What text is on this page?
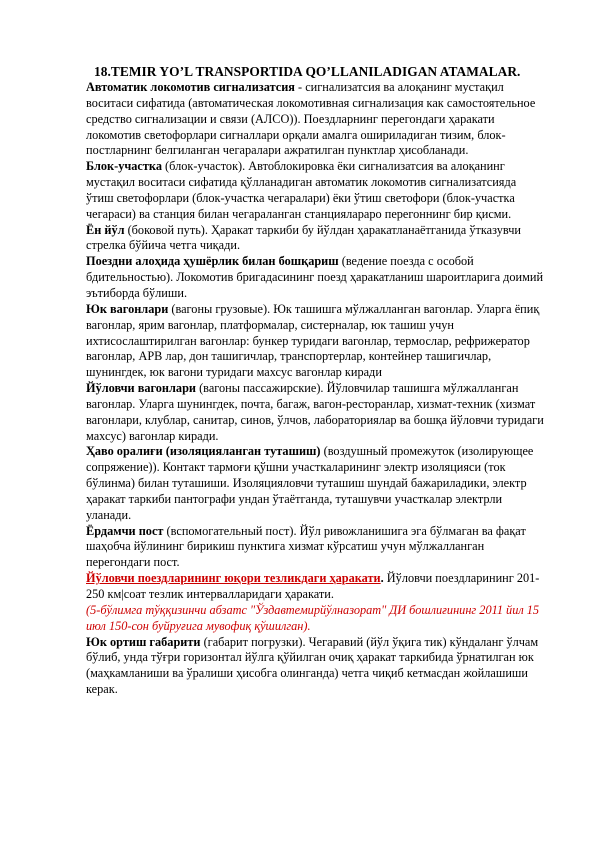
18.TEMIR YO’L TRANSPORTIDA QO’LLANILADIGAN ATAMALAR.

Автоматик локомотив сигнализатсия - сигнализатсия ва алоқанинг мустақил воситаси сифатида (автоматическая локомотивная сигнализация как самостоятельное средство сигнализации и связи (АЛСО)). Поездларнинг перегондаги ҳаракати локомотив светофорлари сигналлари орқали амалга ошириладиган тизим, блок-постларнинг белгиланган чегаралари ажратилган пунктлар ҳисобланади.

Блок-участка (блок-участок). Автоблокировка ёки сигнализатсия ва алоқанинг мустақил воситаси сифатида қўлланадиган автоматик локомотив сигнализатсияда ўтиш светофорлари (блок-участка чегаралари) ёки ўтиш светофори (блок-участка чегараси) ва станция билан чегараланган станциялараро перегоннинг бир қисми.

Ён йўл (боковой путь). Ҳаракат таркиби бу йўлдан ҳаракатланаётганида ўтказувчи стрелка бўйича четга чиқади.

Поездни алоҳида ҳушёрлик билан бошқариш (ведение поезда с особой бдительностью). Локомотив бригадасининг поезд ҳаракатланиш шароитларига доимий эътиборда бўлиши.

Юк вагонлари (вагоны грузовые). Юк ташишга мўлжалланган вагонлар. Уларга ёпиқ вагонлар, ярим вагонлар, платформалар, систерналар, юк ташиш учун ихтисослаштирилган вагонлар: бункер туридаги вагонлар, термослар, рефрижератор вагонлар, АРВ лар, дон ташигичлар, транспортерлар, контейнер ташигичлар, шунингдек, юк вагони туридаги махсус вагонлар киради

Йўловчи вагонлари (вагоны пассажирские). Йўловчилар ташишга мўлжалланган вагонлар. Уларга шунингдек, почта, багаж, вагон-ресторанлар, хизмат-техник (хизмат вагонлари, клублар, санитар, синов, ўлчов, лабораториялар ва бошқа йўловчи туридаги махсус) вагонлар киради.

Ҳаво оралиғи (изоляцияланган туташиш) (воздушный промежуток (изолирующее сопряжение)). Контакт тармоғи қўшни участкаларининг электр изоляцияси (ток бўлинма) билан туташиши. Изоляцияловчи туташиш шундай бажариладики, электр ҳаракат таркиби пантографи ундан ўтаётганда, туташувчи участкалар электрли уланади.

Ёрдамчи пост (вспомогательный пост). Йўл ривожланишига эга бўлмаган ва фақат шаҳобча йўлининг бирикиш пунктига хизмат кўрсатиш учун мўлжалланган перегондаги пост.

Йўловчи поездларининг юқори тезликдаги ҳаракати. Йўловчи поездларининг 201-250 км|соат тезлик интервалларидаги ҳаракати.

(5-бўлимга тўққизинчи абзатс "Ўздавтемирйўлназорат" ДИ бошлиғининг 2011 йил 15 июл 150-сон буйруғига мувофиқ қўшилган).

Юк ортиш габарити (габарит погрузки). Чегаравий (йўл ўқига тик) кўндаланг ўлчам бўлиб, унда тўғри горизонтал йўлга қўйилган очиқ ҳаракат таркибида ўрнатилган юк (маҳкамланиши ва ўралиши ҳисобга олинганда) четга чиқиб кетмасдан жойлашиши керак.
